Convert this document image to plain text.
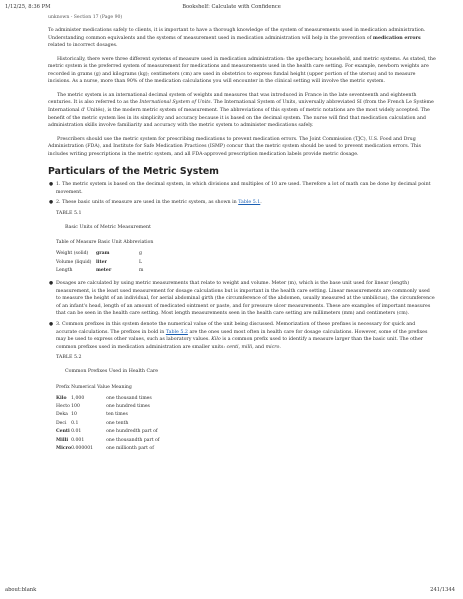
1/12/25, 8:36 PM	Bookshelf: Calculate with Confidence
unknown - Section 17 (Page 90)

To administer medications safely to clients, it is important to have a thorough knowledge of the system of measurements used in medication administration. Understanding common equivalents and the systems of measurement used in medication administration will help in the prevention of medication errors related to incorrect dosages.

Historically, there were three different systems of measure used in medication administration: the apothecary, household, and metric systems. As stated, the metric system is the preferred system of measurement for medications and measurements used in the health care setting. For example, newborn weights are recorded in grams (g) and kilograms (kg); centimeters (cm) are used in obstetrics to express fundal height (upper portion of the uterus) and to measure incisions. As a nurse, more than 90% of the medication calculations you will encounter in the clinical setting will involve the metric system.

The metric system is an international decimal system of weights and measures that was introduced in France in the late seventeenth and eighteenth centuries. It is also referred to as the International System of Units. The International System of Units, universally abbreviated SI (from the French Le Système International d' Unités), is the modern metric system of measurement. The abbreviations of this system of metric notations are the most widely accepted. The benefit of the metric system lies in its simplicity and accuracy because it is based on the decimal system. The nurse will find that medication calculation and administration skills involve familiarity and accuracy with the metric system to administer medications safely.

Prescribers should use the metric system for prescribing medications to prevent medication errors. The Joint Commission (TJC), U.S. Food and Drug Administration (FDA), and Institute for Safe Medication Practices (ISMP) concur that the metric system should be used to prevent medication errors. This includes writing prescriptions in the metric system, and all FDA-approved prescription medication labels provide metric dosage.

Particulars of the Metric System
● 1. The metric system is based on the decimal system, in which divisions and multiples of 10 are used. Therefore a lot of math can be done by decimal point movement.
● 2. These basic units of measure are used in the metric system, as shown in Table 5.1.
TABLE 5.1
Basic Units of Metric Measurement
Table of Measure Basic Unit Abbreviation
Weight (solid)	gram	g
Volume (liquid)	liter	L
Length	meter	m
● Dosages are calculated by using metric measurements that relate to weight and volume. Meter (m), which is the base unit used for linear (length) measurement, is the least used measurement for dosage calculations but is important in the health care setting. Linear measurements are commonly used to measure the height of an individual, for aerial abdominal girth (the circumference of the abdomen, usually measured at the umbilicus), the circumference of an infant's head, length of an amount of medicated ointment or paste, and for pressure ulcer measurements. These are examples of important measures that can be seen in the health care setting. Most length measurements seen in the health care setting are millimeters (mm) and centimeters (cm).
● 3. Common prefixes in this system denote the numerical value of the unit being discussed. Memorization of these prefixes is necessary for quick and accurate calculations. The prefixes in bold in Table 5.2 are the ones used most often in health care for dosage calculations. However, some of the prefixes may be used to express other values, such as laboratory values. Kilo is a common prefix used to identify a measure larger than the basic unit. The other common prefixes used in medication administration are smaller units: centi, milli, and micro.
TABLE 5.2
Common Prefixes Used in Health Care
Prefix Numerical Value Meaning
Kilo	1,000	one thousand times
Hecto	100	one hundred times
Deka	10	ten times
Deci	0.1	one tenth
Centi	0.01	one hundredth part of
Milli	0.001	one thousandth part of
Micro	0.000001	one millionth part of
about:blank	241/1344
